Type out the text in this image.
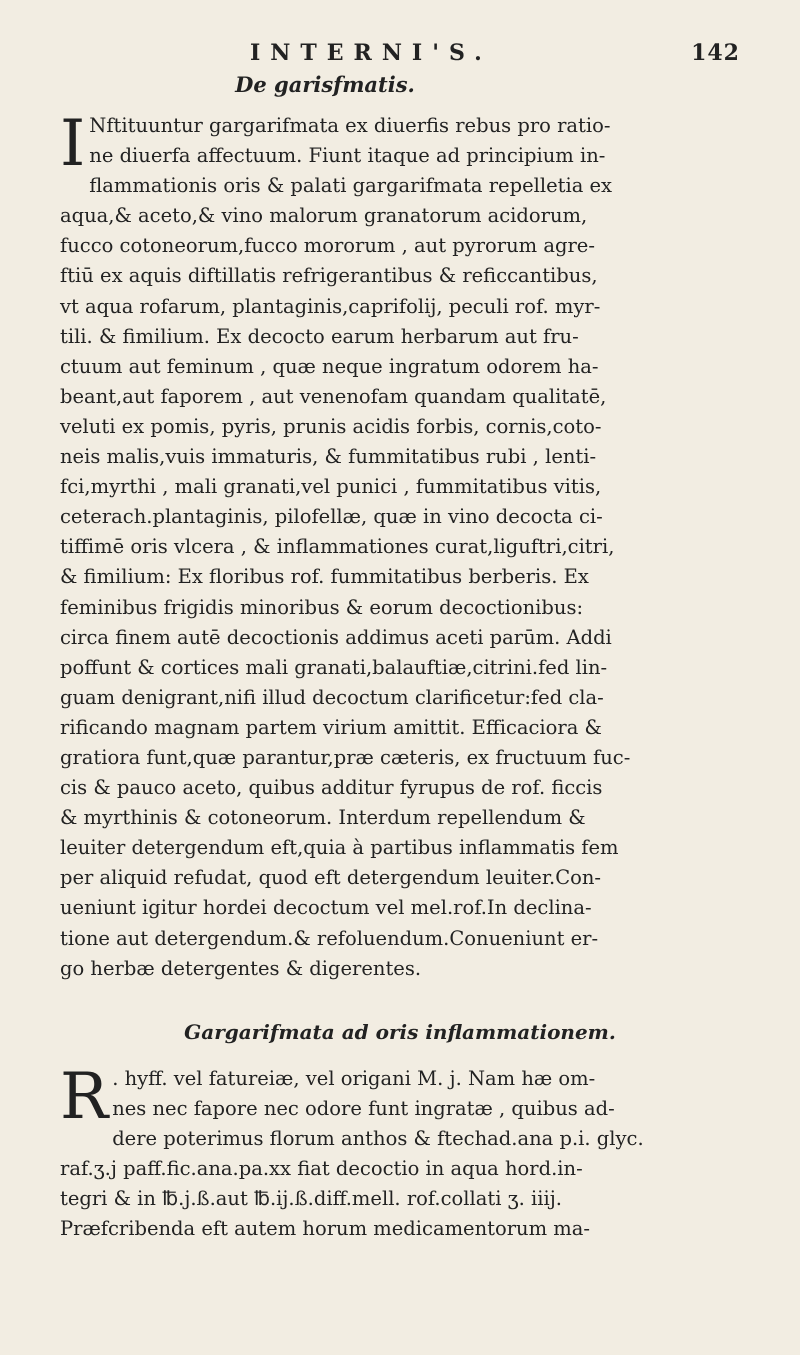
INTERNI'S.	142
De garisfmatis.
I Nftituuntur gargarifmata ex diuerfis rebus pro ratio-
ne diuerfa affectuum. Fiunt itaque ad principium in-
flammationis oris & palati gargarifmata repelletia ex
aqua,& aceto,& vino malorum granatorum acidorum,
fucco cotoneorum,fucco mororum , aut pyrorum agre-
ftiū ex aquis diftillatis refrigerantibus & reficcantibus,
vt aqua rofarum, plantaginis,caprifolij, peculi rof. myr-
tili. & fimilium. Ex decocto earum herbarum aut fru-
ctuum aut feminum , quæ neque ingratum odorem ha-
beant,aut faporem , aut venenofam quandam qualitatē,
veluti ex pomis, pyris, prunis acidis forbis, cornis,coto-
neis malis,vuis immaturis, & fummitatibus rubi , lenti-
fci,myrthi , mali granati,vel punici , fummitatibus vitis,
ceterach.plantaginis, pilofellæ, quæ in vino decocta ci-
tiffimē oris vlcera , & inflammationes curat,liguftri,citri,
& fimilium: Ex floribus rof. fummitatibus berberis. Ex
feminibus frigidis minoribus & eorum decoctionibus:
circa finem autē decoctionis addimus aceti parūm. Addi
poffunt & cortices mali granati,balauftiæ,citrini.fed lin-
guam denigrant,nifi illud decoctum clarificetur:fed cla-
rificando magnam partem virium amittit. Efficaciora &
gratiora funt,quæ parantur,præ cæteris, ex fructuum fuc-
cis & pauco aceto, quibus additur fyrupus de rof. ficcis
& myrthinis & cotoneorum. Interdum repellendum &
leuiter detergendum eft,quia à partibus inflammatis fem
per aliquid refudat, quod eft detergendum leuiter.Con-
ueniunt igitur hordei decoctum vel mel.rof.In declina-
tione aut detergendum.& refoluendum.Conueniunt er-
go herbæ detergentes & digerentes.
Gargarifmata ad oris inflammationem.
R . hyff. vel fatureiæ, vel origani M. j. Nam hæ om-
nes nec fapore nec odore funt ingratæ , quibus ad-
dere poterimus florum anthos & ftechad.ana p.i. glyc.
raf.ʒ.j paff.fic.ana.pa.xx fiat decoctio in aqua hord.in-
tegri & in ℔.j.ß.aut ℔.ij.ß.diff.mell. rof.collati ʒ. iiij.
Præfcribenda eft autem horum medicamentorum ma-
